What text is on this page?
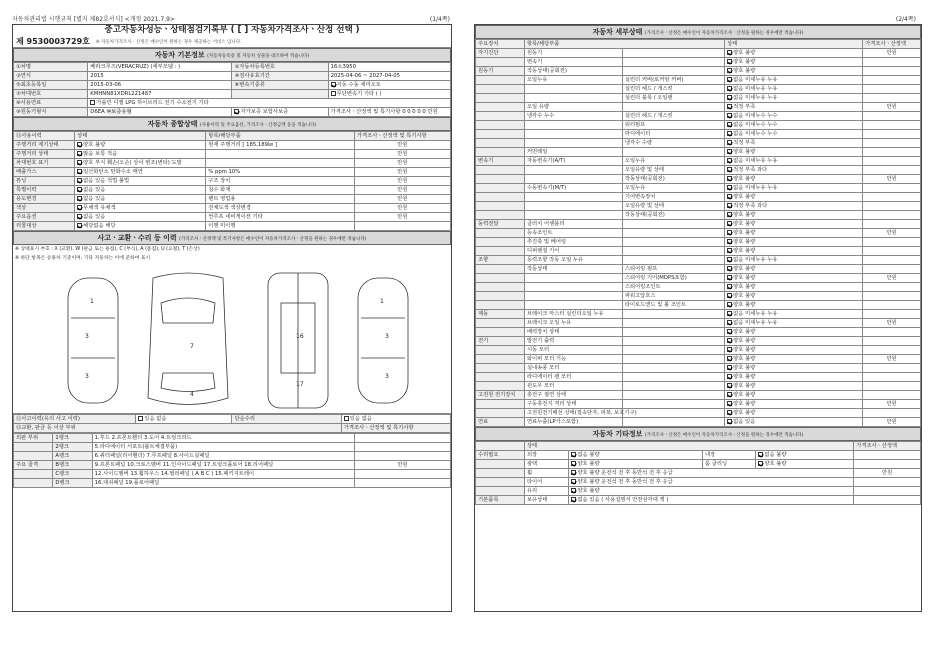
자동차관리법 시행규칙 [별지 제82호서식] <개정 2021.7.9>	(1/4쪽)
중고자동차성능ㆍ상태점검기록부 ( [ ] 자동차가격조사ㆍ산정 선택 )
제 9530003729호 ※ 자동차가격조사ㆍ산정은 매수인이 원하는 경우 제공하는 서비스 입니다.
자동차 기본정보 (자동차등록증 및 자동차 실물을 대조하여 적습니다)
①차명	베라크루즈(VERACRUZ) (세부모델 : )	②자동차등록번호	16소3950
③연식	2015	④검사유효기간	2025-04-06 ~ 2027-04-05
⑤최초등록일	2015-03-06	⑥변속기종류	자동 수동 세미오토
⑦차대번호	KMHNN81XDRL221487		무단변속기 기타 ( )
⑧사용연료	가솔린 디젤 LPG 하이브리드 전기 수소전기 기타		
⑨원동기형식	D6EA ⑩보증유형	자가보증 보험사보증	가격조사ㆍ산정액 및 특기사항 0 0 0 0 0 만원
자동차 종합상태 (사용이력 및 주요옵션, 가격조사ㆍ산정금액 등을 적습니다)
⑪사용이력	상태	항목/해당부품	가격조사ㆍ산정액 및 특기사항
주행거리 계기상태	양호 불량	현재 주행거리 [ 185,189㎞ ]	만원
주행거리 상태	많음 보통 적음		만원
차대번호 표기	양호 부식 훼손(오손) 상이 변조(변타) 도말		만원
배출가스	일산화탄소 탄화수소 매연	% ppm 10%	만원
튜닝	없음 있음 적법 불법	구조 장치	만원
특별이력	없음 있음	침수 화재	만원
용도변경	없음 있음	렌트 영업용	만원
색상	무채색 유채색	전체도색 색상변경	만원
주요옵션	없음 있음	썬루프 네비게이션 기타	만원
리콜대상	해당없음 해당	이행 미이행	
사고ㆍ교환ㆍ수리 등 이력 (가격조사ㆍ산정액 및 특기사항은 매수인이 자동차가격조사ㆍ산정을 원하는 경우에만 적습니다)
※ 상태표시 부호 : X (교환), W (판금 또는 용접), C (부식), A (흠집), U (요철), T (손상)
※ 하단 항목은 승용차 기준이며, 기타 자동차는 이에 준하여 표시
1
3
3
7
4
16
17
1
3
3
⑫사고이력(유의 사고 이력)	있음 없음	단순수리	있음 없음
⑬교환, 판금 등 이상 부위			가격조사ㆍ산정액 및 특기사항
외판 부위	1랭크	1.후드 2.프론트휀더 3.도어 4.트렁크리드	
	2랭크	5.라디에이터 서포트(볼트체결부품)	
	A랭크	6.쿼터패널(리어휀더) 7.루프패널 8.사이드실패널	
주요 골격	B랭크	9.프론트패널 10.크로스멤버 11.인사이드패널 17.트렁크플로어 18.리어패널	만원
	C랭크	12.사이드멤버 13.휠하우스 14.필러패널 ( A B C ) 15.패키지트레이	
	D랭크	16.대쉬패널 19.플로어패널	
(2/4쪽)
자동차 세부상태 (가격조사ㆍ산정은 매수인이 자동차가격조사ㆍ산정을 원하는 경우에만 적습니다)
주요장치	항목/해당부품		상태	가격조사ㆍ산정액
자기진단	원동기		양호 불량	만원
	변속기		양호 불량	
원동기	작동상태(공회전)		양호 불량	
	오일누유	실린더 커버(로커암 커버)	없음 미세누유 누유	
		실린더 헤드 / 개스킷	없음 미세누유 누유	
		실린더 블록 / 오일팬	없음 미세누유 누유	
	오일 유량		적정 부족	만원
	냉각수 누수	실린더 헤드 / 개스킷	없음 미세누수 누수	
		워터펌프	없음 미세누수 누수	
		라디에이터	없음 미세누수 누수	
		냉각수 수량	적정 부족	
	커먼레일		양호 불량	
변속기	자동변속기(A/T)	오일누유	없음 미세누유 누유	
		오일유량 및 상태	적정 부족 과다	
		작동상태(공회전)	양호 불량	만원
	수동변속기(M/T)	오일누유	없음 미세누유 누유	
		기어변속장치	양호 불량	
		오일유량 및 상태	적정 부족 과다	
		작동상태(공회전)	양호 불량	
동력전달	클러치 어셈블리		양호 불량	
	등속조인트		양호 불량	만원
	추진축 및 베어링		양호 불량	
	디퍼렌셜 기어		양호 불량	
조향	동력조향 작동 오일 누유		없음 미세누유 누유	
	작동상태	스티어링 펌프	양호 불량	
		스티어링 기어(MDPS포함)	양호 불량	만원
		스티어링조인트	양호 불량	
		파워고압호스	양호 불량	
		타이로드엔드 및 볼 조인트	양호 불량	
제동	브레이크 마스터 실린더오일 누유		없음 미세누유 누유	
	브레이크 오일 누유		없음 미세누유 누유	만원
	배력장치 상태		양호 불량	
전기	발전기 출력		양호 불량	
	시동 모터		양호 불량	
	와이퍼 모터 기능		양호 불량	만원
	실내송풍 모터		양호 불량	
	라디에이터 팬 모터		양호 불량	
	윈도우 모터		양호 불량	
고전원 전기장치	충전구 절연 상태		양호 불량	
	구동축전지 격리 상태		양호 불량	만원
	고전원전기배선 상태(접속단자, 피복, 보호기구)		양호 불량	
연료	연료누출(LP가스포함)		없음 있음	만원
자동차 기타정보 (가격조사ㆍ산정은 매수인이 자동차가격조사ㆍ산정을 원하는 경우에만 적습니다)
	상태				가격조사ㆍ산정액
수리필요	외장	없음 불량	내장	없음 불량	
	광택	양호 불량	룸 클리닝	양호 불량	
	휠	양호 불량 운전석 전 후 동반석 전 후 응급			만원
	타이어	양호 불량 운전석 전 후 동반석 전 후 응급			
	유리	양호 불량			
기본품목	보유상태	없음 있음 ( 사용설명서 안전삼각대 잭 )			
